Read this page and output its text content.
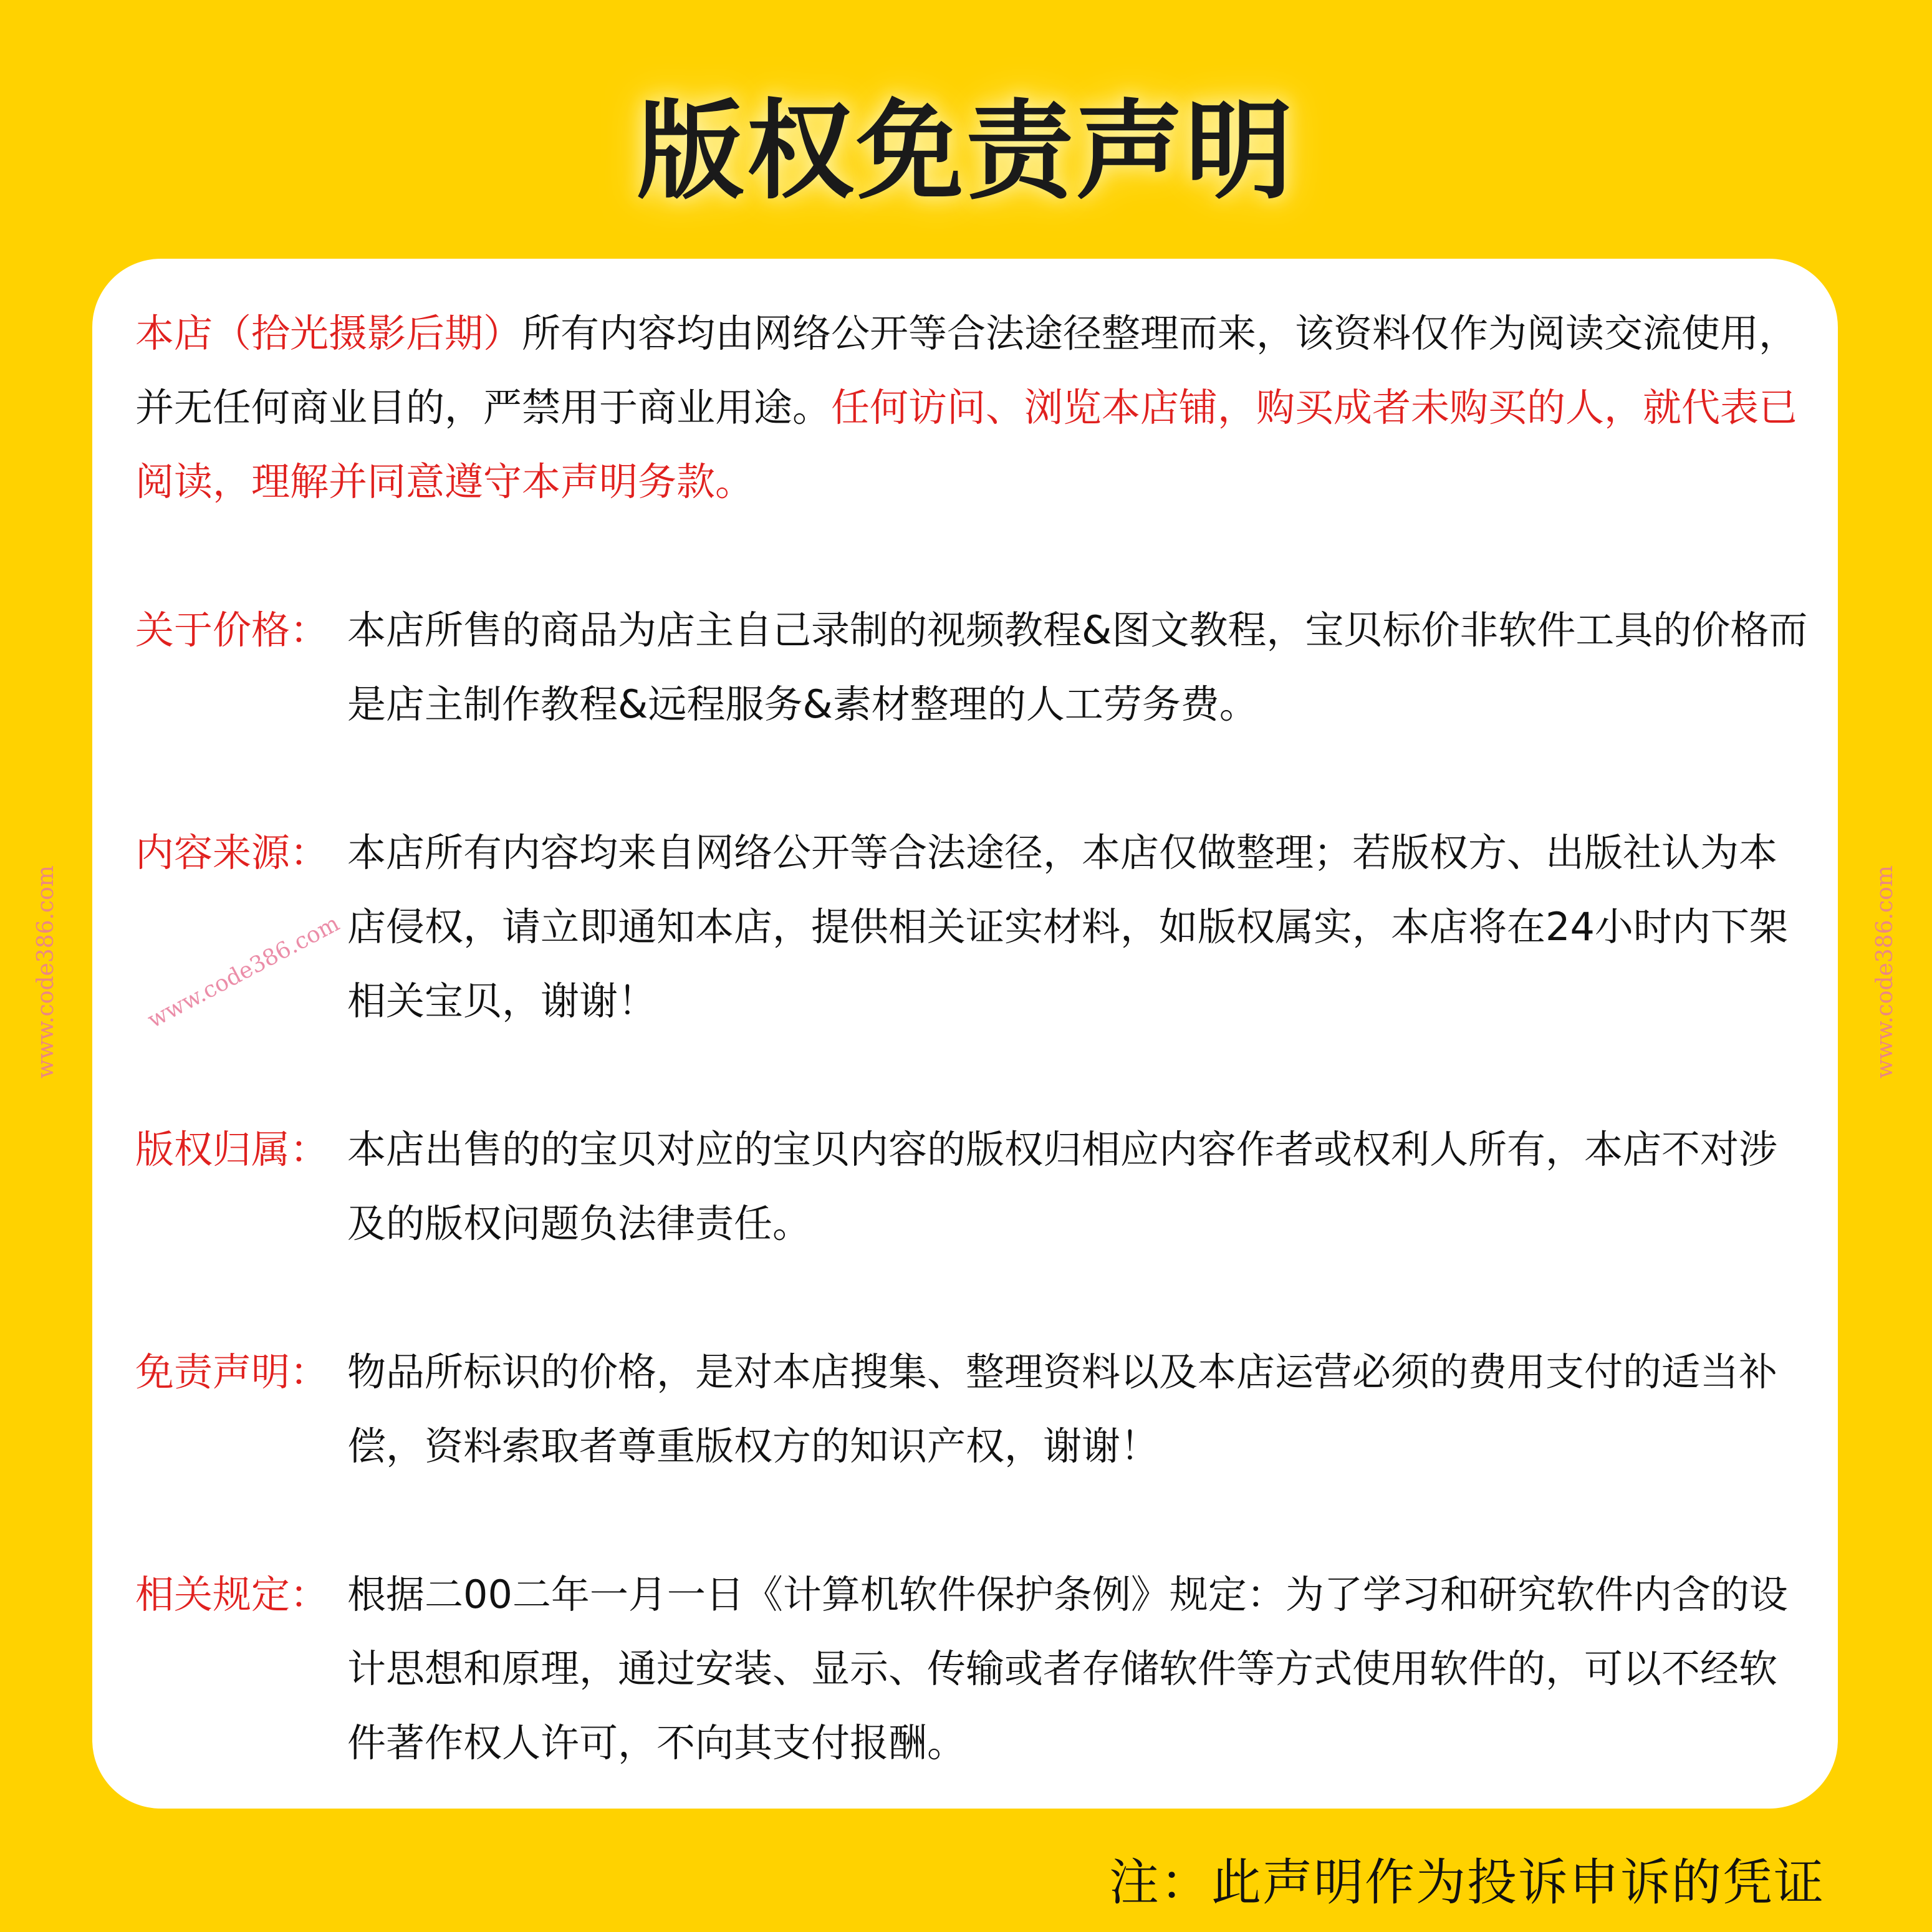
版权免责声明
本店（拾光摄影后期）所有内容均由网络公开等合法途径整理而来，该资料仅作为阅读交流使用，并无任何商业目的，严禁用于商业用途。任何访问、浏览本店铺，购买成者未购买的人，就代表已阅读，理解并同意遵守本声明务款。
关于价格： 本店所售的商品为店主自己录制的视频教程&图文教程，宝贝标价非软件工具的价格而是店主制作教程&远程服务&素材整理的人工劳务费。
内容来源： 本店所有内容均来自网络公开等合法途径，本店仅做整理；若版权方、出版社认为本店侵权，请立即通知本店，提供相关证实材料，如版权属实，本店将在24小时内下架相关宝贝，谢谢！
版权归属： 本店出售的的宝贝对应的宝贝内容的版权归相应内容作者或权利人所有，本店不对涉及的版权问题负法律责任。
免责声明： 物品所标识的价格，是对本店搜集、整理资料以及本店运营必须的费用支付的适当补偿，资料索取者尊重版权方的知识产权，谢谢！
相关规定： 根据二00二年一月一日《计算机软件保护条例》规定：为了学习和研究软件内含的设计思想和原理，通过安装、显示、传输或者存储软件等方式使用软件的，可以不经软件著作权人许可，不向其支付报酬。
注：此声明作为投诉申诉的凭证
www.code386.com	www.code386.com	www.code386.com
